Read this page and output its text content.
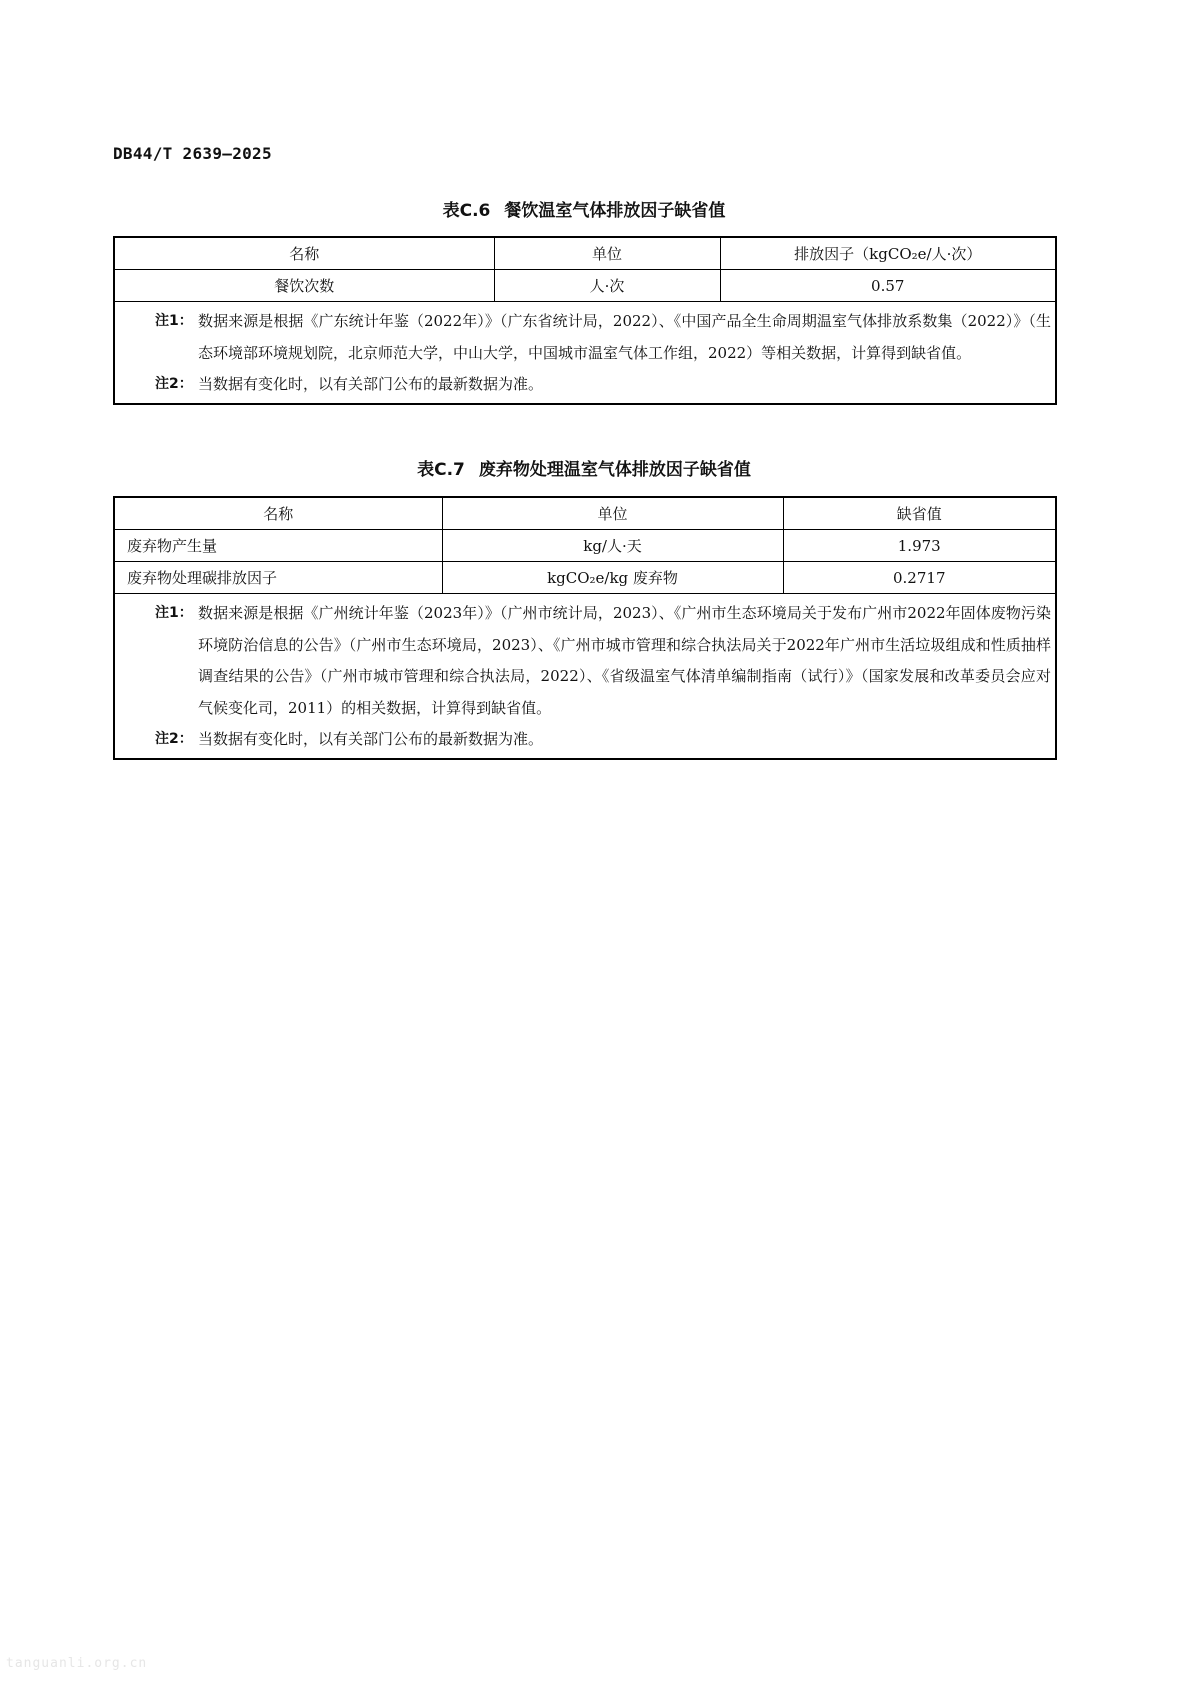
DB44/T 2639—2025
表C.6 餐饮温室气体排放因子缺省值
名称	单位	排放因子（kgCO₂e/人·次）
餐饮次数	人·次	0.57

注1： 数据来源是根据《广东统计年鉴（2022年）》（广东省统计局，2022）、《中国产品全生命周期温室气体排放系数集（2022）》（生态环境部环境规划院，北京师范大学，中山大学，中国城市温室气体工作组，2022）等相关数据，计算得到缺省值。
注2： 当数据有变化时，以有关部门公布的最新数据为准。		
表C.7 废弃物处理温室气体排放因子缺省值
名称	单位	缺省值
废弃物产生量	kg/人·天	1.973
废弃物处理碳排放因子	kgCO₂e/kg 废弃物	0.2717

注1： 数据来源是根据《广州统计年鉴（2023年）》（广州市统计局，2023）、《广州市生态环境局关于发布广州市2022年固体废物污染环境防治信息的公告》（广州市生态环境局，2023）、《广州市城市管理和综合执法局关于2022年广州市生活垃圾组成和性质抽样调查结果的公告》（广州市城市管理和综合执法局，2022）、《省级温室气体清单编制指南（试行）》（国家发展和改革委员会应对气候变化司，2011）的相关数据，计算得到缺省值。
注2： 当数据有变化时，以有关部门公布的最新数据为准。		
tanguanli.org.cn
